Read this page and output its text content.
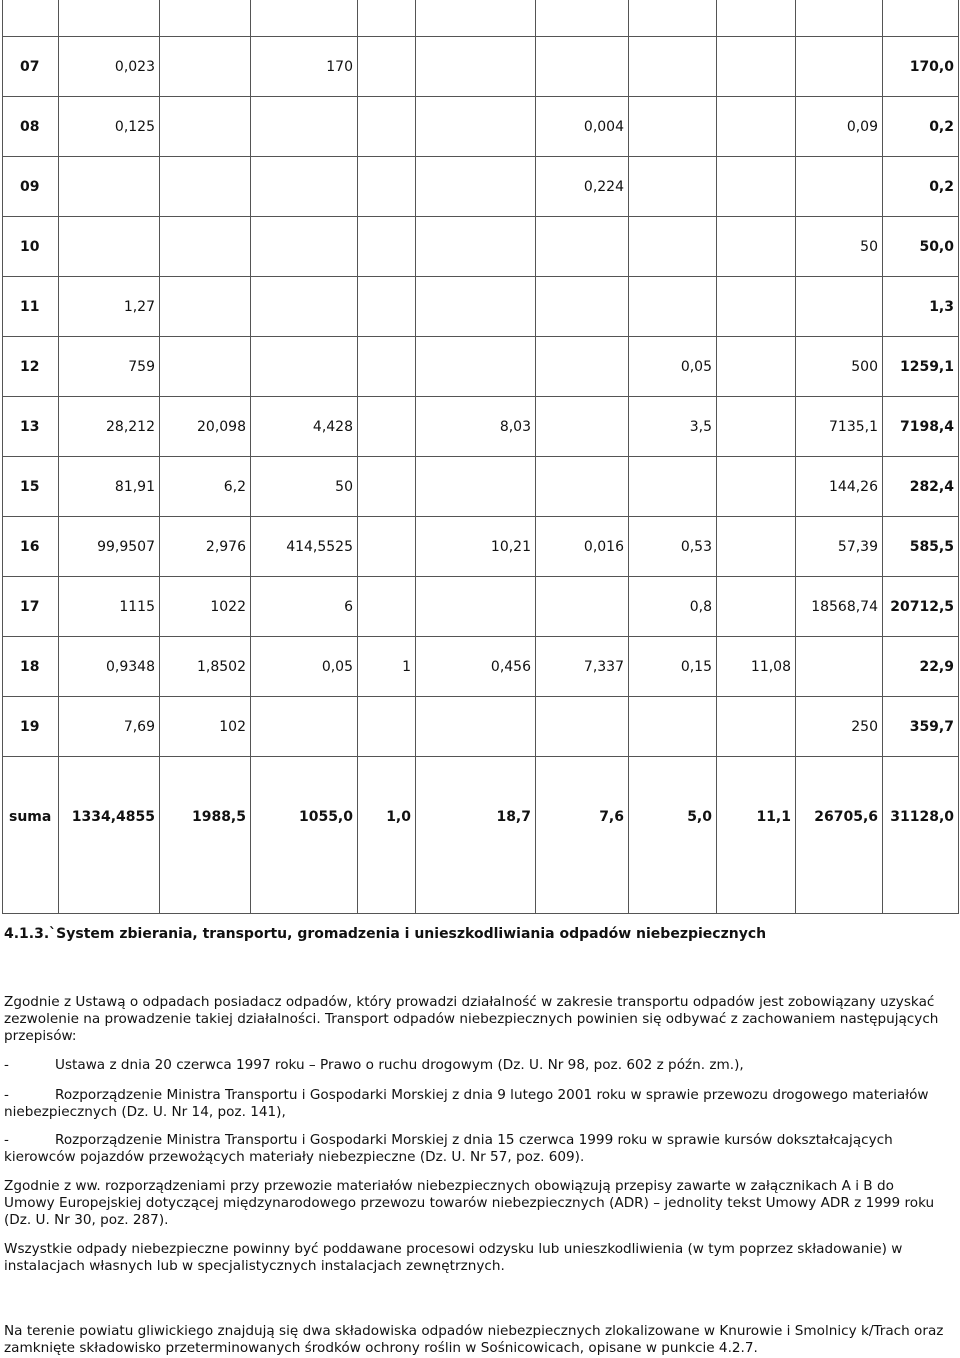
07	0,023		170							170,0
08	0,125					0,004			0,09	0,2
09						0,224				0,2
10									50	50,0
11	1,27									1,3
12	759						0,05		500	1259,1
13	28,212	20,098	4,428		8,03		3,5		7135,1	7198,4
15	81,91	6,2	50						144,26	282,4
16	99,9507	2,976	414,5525		10,21	0,016	0,53		57,39	585,5
17	1115	1022	6				0,8		18568,74	20712,5
18	0,9348	1,8502	0,05	1	0,456	7,337	0,15	11,08		22,9
19	7,69	102							250	359,7
suma	1334,4855	1988,5	1055,0	1,0	18,7	7,6	5,0	11,1	26705,6	31128,0

4.1.3.`System zbierania, transportu, gromadzenia i unieszkodliwiania odpadów niebezpiecznych

Zgodnie z Ustawą o odpadach posiadacz odpadów, który prowadzi działalność w zakresie transportu odpadów jest zobowiązany uzyskać zezwolenie na prowadzenie takiej działalności. Transport odpadów niebezpiecznych powinien się odbywać z zachowaniem następujących przepisów:

-	Ustawa z dnia 20 czerwca 1997 roku – Prawo o ruchu drogowym (Dz. U. Nr 98, poz. 602 z późn. zm.),

-	Rozporządzenie Ministra Transportu i Gospodarki Morskiej z dnia 9 lutego 2001 roku w sprawie przewozu drogowego materiałów niebezpiecznych (Dz. U. Nr 14, poz. 141),

-	Rozporządzenie Ministra Transportu i Gospodarki Morskiej z dnia 15 czerwca 1999 roku w sprawie kursów dokształcających kierowców pojazdów przewożących materiały niebezpieczne (Dz. U. Nr 57, poz. 609).

Zgodnie z ww. rozporządzeniami przy przewozie materiałów niebezpiecznych obowiązują przepisy zawarte w załącznikach A i B do Umowy Europejskiej dotyczącej międzynarodowego przewozu towarów niebezpiecznych (ADR) – jednolity tekst Umowy ADR z 1999 roku (Dz. U. Nr 30, poz. 287).

Wszystkie odpady niebezpieczne powinny być poddawane procesowi odzysku lub unieszkodliwienia (w tym poprzez składowanie) w instalacjach własnych lub w specjalistycznych instalacjach zewnętrznych.

Na terenie powiatu gliwickiego znajdują się dwa składowiska odpadów niebezpiecznych zlokalizowane w Knurowie i Smolnicy k/Trach oraz zamknięte składowisko przeterminowanych środków ochrony roślin w Sośnicowicach, opisane w punkcie 4.2.7.
